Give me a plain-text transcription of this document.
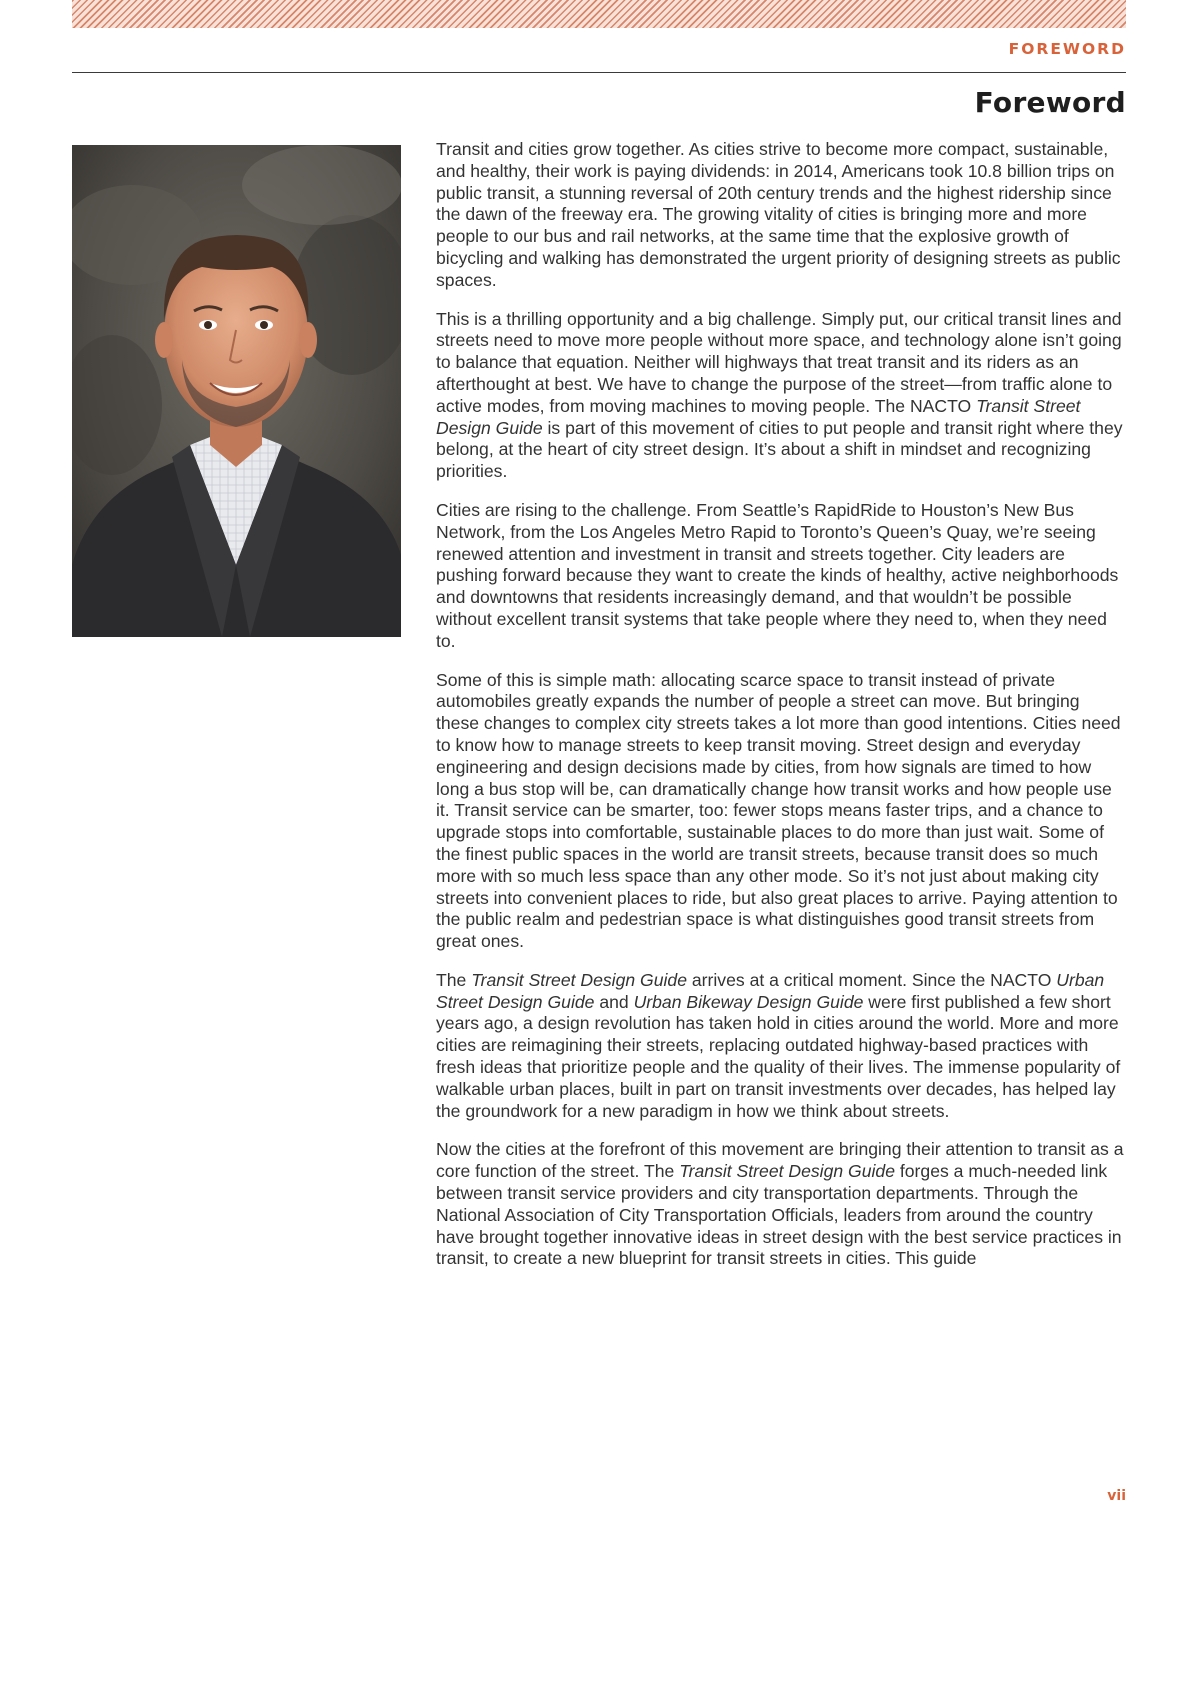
FOREWORD
Foreword

Transit and cities grow together. As cities strive to become more compact, sustainable, and healthy, their work is paying dividends: in 2014, Americans took 10.8 billion trips on public transit, a stunning reversal of 20th century trends and the highest ridership since the dawn of the freeway era. The growing vitality of cities is bringing more and more people to our bus and rail networks, at the same time that the explosive growth of bicycling and walking has demonstrated the urgent priority of designing streets as public spaces.

This is a thrilling opportunity and a big challenge. Simply put, our critical transit lines and streets need to move more people without more space, and technology alone isn’t going to balance that equation. Neither will highways that treat transit and its riders as an afterthought at best. We have to change the purpose of the street—from traffic alone to active modes, from moving machines to moving people. The NACTO Transit Street Design Guide is part of this movement of cities to put people and transit right where they belong, at the heart of city street design. It’s about a shift in mindset and recognizing priorities.

Cities are rising to the challenge. From Seattle’s RapidRide to Houston’s New Bus Network, from the Los Angeles Metro Rapid to Toronto’s Queen’s Quay, we’re seeing renewed attention and investment in transit and streets together. City leaders are pushing forward because they want to create the kinds of healthy, active neighborhoods and downtowns that residents increasingly demand, and that wouldn’t be possible without excellent transit systems that take people where they need to, when they need to.

Some of this is simple math: allocating scarce space to transit instead of private automobiles greatly expands the number of people a street can move. But bringing these changes to complex city streets takes a lot more than good intentions. Cities need to know how to manage streets to keep transit moving. Street design and everyday engineering and design decisions made by cities, from how signals are timed to how long a bus stop will be, can dramatically change how transit works and how people use it. Transit service can be smarter, too: fewer stops means faster trips, and a chance to upgrade stops into comfortable, sustainable places to do more than just wait. Some of the finest public spaces in the world are transit streets, because transit does so much more with so much less space than any other mode. So it’s not just about making city streets into convenient places to ride, but also great places to arrive. Paying attention to the public realm and pedestrian space is what distinguishes good transit streets from great ones.

The Transit Street Design Guide arrives at a critical moment. Since the NACTO Urban Street Design Guide and Urban Bikeway Design Guide were first published a few short years ago, a design revolution has taken hold in cities around the world. More and more cities are reimagining their streets, replacing outdated highway-based practices with fresh ideas that prioritize people and the quality of their lives. The immense popularity of walkable urban places, built in part on transit investments over decades, has helped lay the groundwork for a new paradigm in how we think about streets.

Now the cities at the forefront of this movement are bringing their attention to transit as a core function of the street. The Transit Street Design Guide forges a much-needed link between transit service providers and city transportation departments. Through the National Association of City Transportation Officials, leaders from around the country have brought together innovative ideas in street design with the best service practices in transit, to create a new blueprint for transit streets in cities. This guide

vii
